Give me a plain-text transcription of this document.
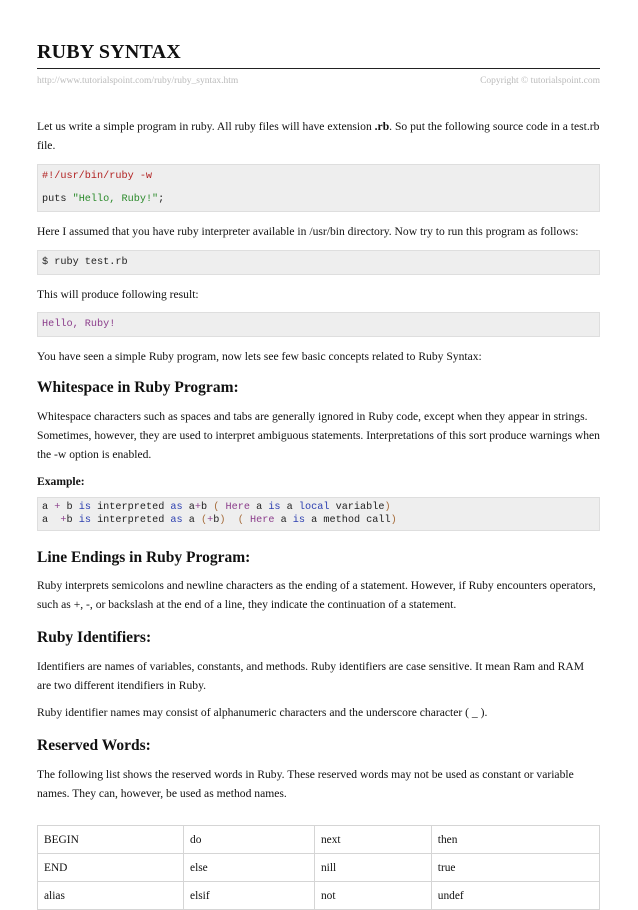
RUBY SYNTAX
http://www.tutorialspoint.com/ruby/ruby_syntax.htm	Copyright © tutorialspoint.com

Let us write a simple program in ruby. All ruby files will have extension .rb. So put the following source code in a test.rb file.

#!/usr/bin/ruby -w
puts "Hello, Ruby!";

Here I assumed that you have ruby interpreter available in /usr/bin directory. Now try to run this program as follows:

$ ruby test.rb

This will produce following result:

Hello, Ruby!

You have seen a simple Ruby program, now lets see few basic concepts related to Ruby Syntax:

Whitespace in Ruby Program:

Whitespace characters such as spaces and tabs are generally ignored in Ruby code, except when they appear in strings. Sometimes, however, they are used to interpret ambiguous statements. Interpretations of this sort produce warnings when the -w option is enabled.

Example:

a + b is interpreted as a+b ( Here a is a local variable)
a  +b is interpreted as a (+b)  ( Here a is a method call)
Line Endings in Ruby Program:

Ruby interprets semicolons and newline characters as the ending of a statement. However, if Ruby encounters operators, such as +, -, or backslash at the end of a line, they indicate the continuation of a statement.

Ruby Identifiers:

Identifiers are names of variables, constants, and methods. Ruby identifiers are case sensitive. It mean Ram and RAM are two different itendifiers in Ruby.

Ruby identifier names may consist of alphanumeric characters and the underscore character ( _ ).

Reserved Words:

The following list shows the reserved words in Ruby. These reserved words may not be used as constant or variable names. They can, however, be used as method names.

BEGIN	do	next	then
END	else	nill	true
alias	elsif	not	undef
